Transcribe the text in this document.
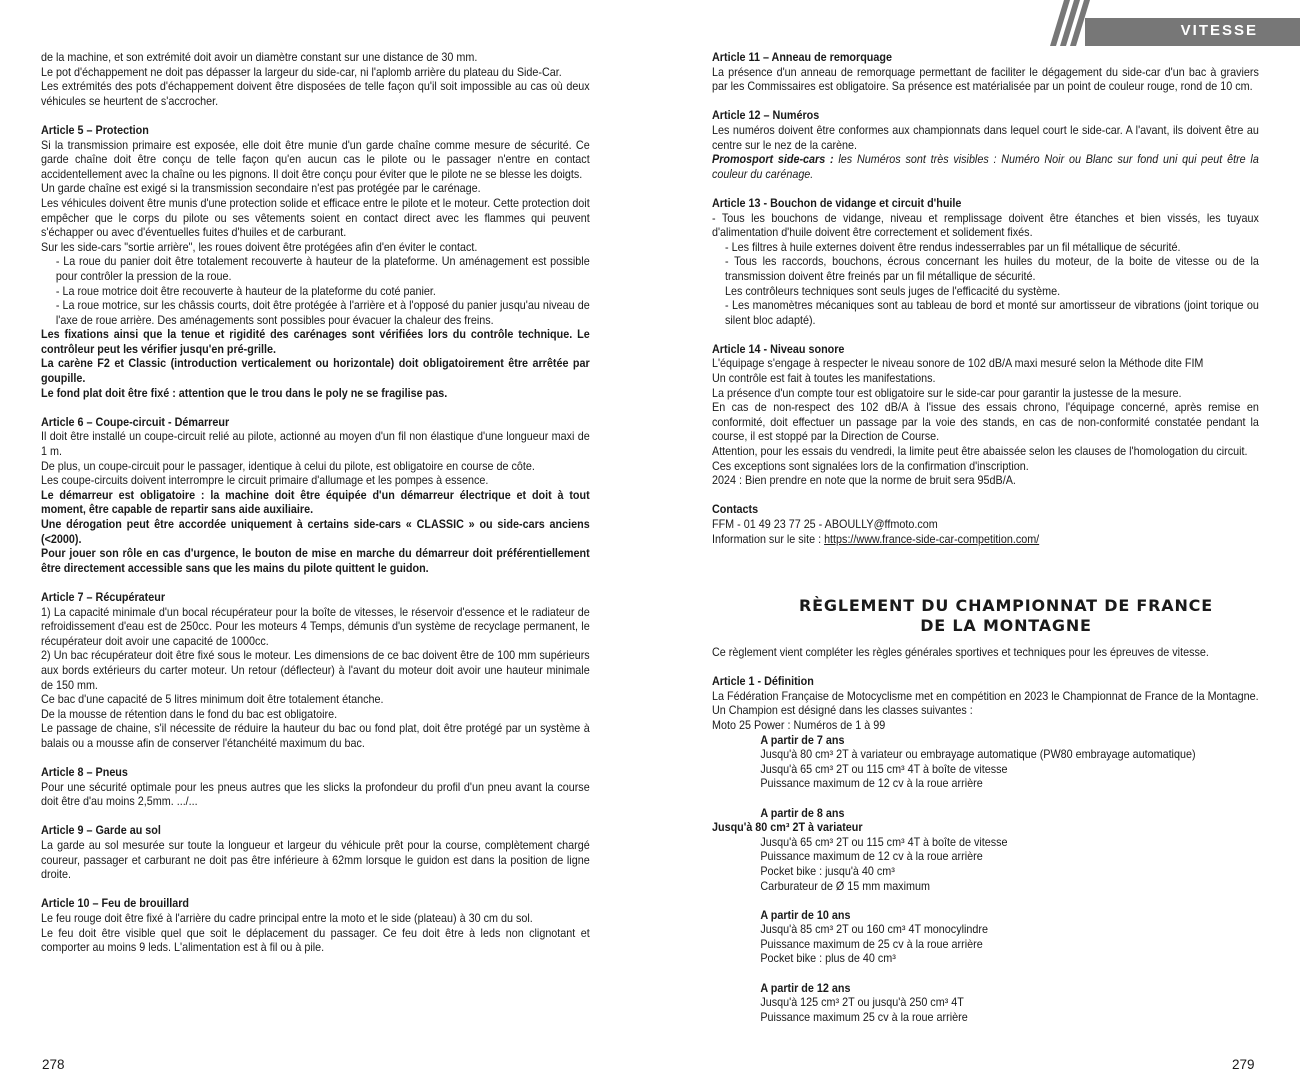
de la machine, et son extrémité doit avoir un diamètre constant sur une distance de 30 mm.

Le pot d'échappement ne doit pas dépasser la largeur du side-car, ni l'aplomb arrière du plateau du Side-Car.

Les extrémités des pots d'échappement doivent être disposées de telle façon qu'il soit impossible au cas où deux véhicules se heurtent de s'accrocher.

Article 5 – Protection

Si la transmission primaire est exposée, elle doit être munie d'un garde chaîne comme mesure de sécurité. Ce garde chaîne doit être conçu de telle façon qu'en aucun cas le pilote ou le passager n'entre en contact accidentellement avec la chaîne ou les pignons. Il doit être conçu pour éviter que le pilote ne se blesse les doigts.

Un garde chaîne est exigé si la transmission secondaire n'est pas protégée par le carénage.

Les véhicules doivent être munis d'une protection solide et efficace entre le pilote et le moteur. Cette protection doit empêcher que le corps du pilote ou ses vêtements soient en contact direct avec les flammes qui peuvent s'échapper ou avec d'éventuelles fuites d'huiles et de carburant.

Sur les side-cars "sortie arrière", les roues doivent être protégées afin d'en éviter le contact.

- La roue du panier doit être totalement recouverte à hauteur de la plateforme. Un aménagement est possible pour contrôler la pression de la roue.

- La roue motrice doit être recouverte à hauteur de la plateforme du coté panier.

- La roue motrice, sur les châssis courts, doit être protégée à l'arrière et à l'opposé du panier jusqu'au niveau de l'axe de roue arrière. Des aménagements sont possibles pour évacuer la chaleur des freins.

Les fixations ainsi que la tenue et rigidité des carénages sont vérifiées lors du contrôle technique. Le contrôleur peut les vérifier jusqu'en pré-grille.

La carène F2 et Classic (introduction verticalement ou horizontale) doit obligatoirement être arrêtée par goupille.

Le fond plat doit être fixé : attention que le trou dans le poly ne se fragilise pas.

Article 6 – Coupe-circuit - Démarreur

Il doit être installé un coupe-circuit relié au pilote, actionné au moyen d'un fil non élastique d'une longueur maxi de 1 m.

De plus, un coupe-circuit pour le passager, identique à celui du pilote, est obligatoire en course de côte.

Les coupe-circuits doivent interrompre le circuit primaire d'allumage et les pompes à essence.

Le démarreur est obligatoire : la machine doit être équipée d'un démarreur électrique et doit à tout moment, être capable de repartir sans aide auxiliaire.

Une dérogation peut être accordée uniquement à certains side-cars « CLASSIC » ou side-cars anciens (<2000).

Pour jouer son rôle en cas d'urgence, le bouton de mise en marche du démarreur doit préférentiellement être directement accessible sans que les mains du pilote quittent le guidon.

Article 7 – Récupérateur

1) La capacité minimale d'un bocal récupérateur pour la boîte de vitesses, le réservoir d'essence et le radiateur de refroidissement d'eau est de 250cc. Pour les moteurs 4 Temps, démunis d'un système de recyclage permanent, le récupérateur doit avoir une capacité de 1000cc.

2) Un bac récupérateur doit être fixé sous le moteur. Les dimensions de ce bac doivent être de 100 mm supérieurs aux bords extérieurs du carter moteur. Un retour (déflecteur) à l'avant du moteur doit avoir une hauteur minimale de 150 mm.

Ce bac d'une capacité de 5 litres minimum doit être totalement étanche.

De la mousse de rétention dans le fond du bac est obligatoire.

Le passage de chaine, s'il nécessite de réduire la hauteur du bac ou fond plat, doit être protégé par un système à balais ou a mousse afin de conserver l'étanchéité maximum du bac.

Article 8 – Pneus

Pour une sécurité optimale pour les pneus autres que les slicks la profondeur du profil d'un pneu avant la course doit être d'au moins 2,5mm. .../...

Article 9 – Garde au sol

La garde au sol mesurée sur toute la longueur et largeur du véhicule prêt pour la course, complètement chargé coureur, passager et carburant ne doit pas être inférieure à 62mm lorsque le guidon est dans la position de ligne droite.

Article 10 – Feu de brouillard

Le feu rouge doit être fixé à l'arrière du cadre principal entre la moto et le side (plateau) à 30 cm du sol.

Le feu doit être visible quel que soit le déplacement du passager. Ce feu doit être à leds non clignotant et comporter au moins 9 leds. L'alimentation est à fil ou à pile.

278
VITESSE

Article 11 – Anneau de remorquage

La présence d'un anneau de remorquage permettant de faciliter le dégagement du side-car d'un bac à graviers par les Commissaires est obligatoire. Sa présence est matérialisée par un point de couleur rouge, rond de 10 cm.

Article 12 – Numéros

Les numéros doivent être conformes aux championnats dans lequel court le side-car. A l'avant, ils doivent être au centre sur le nez de la carène.

Promosport side-cars : les Numéros sont très visibles : Numéro Noir ou Blanc sur fond uni qui peut être la couleur du carénage.

Article 13 - Bouchon de vidange et circuit d'huile

- Tous les bouchons de vidange, niveau et remplissage doivent être étanches et bien vissés, les tuyaux d'alimentation d'huile doivent être correctement et solidement fixés.

- Les filtres à huile externes doivent être rendus indesserrables par un fil métallique de sécurité.

- Tous les raccords, bouchons, écrous concernant les huiles du moteur, de la boite de vitesse ou de la transmission doivent être freinés par un fil métallique de sécurité.

Les contrôleurs techniques sont seuls juges de l'efficacité du système.

- Les manomètres mécaniques sont au tableau de bord et monté sur amortisseur de vibrations (joint torique ou silent bloc adapté).

Article 14 - Niveau sonore

L'équipage s'engage à respecter le niveau sonore de 102 dB/A maxi mesuré selon la Méthode dite FIM

Un contrôle est fait à toutes les manifestations.

La présence d'un compte tour est obligatoire sur le side-car pour garantir la justesse de la mesure.

En cas de non-respect des 102 dB/A à l'issue des essais chrono, l'équipage concerné, après remise en conformité, doit effectuer un passage par la voie des stands, en cas de non-conformité constatée pendant la course, il est stoppé par la Direction de Course.

Attention, pour les essais du vendredi, la limite peut être abaissée selon les clauses de l'homologation du circuit.

Ces exceptions sont signalées lors de la confirmation d'inscription.

2024 : Bien prendre en note que la norme de bruit sera 95dB/A.

Contacts

FFM - 01 49 23 77 25 - ABOULLY@ffmoto.com

Information sur le site : https://www.france-side-car-competition.com/

RÈGLEMENT DU CHAMPIONNAT DE FRANCE
DE LA MONTAGNE

Ce règlement vient compléter les règles générales sportives et techniques pour les épreuves de vitesse.

Article 1 - Définition

La Fédération Française de Motocyclisme met en compétition en 2023 le Championnat de France de la Montagne.

Un Champion est désigné dans les classes suivantes :

Moto 25 Power : Numéros de 1 à 99

A partir de 7 ans

Jusqu'à 80 cm³ 2T à variateur ou embrayage automatique (PW80 embrayage automatique)

Jusqu'à 65 cm³ 2T ou 115 cm³ 4T à boîte de vitesse

Puissance maximum de 12 cv à la roue arrière

A partir de 8 ans

Jusqu'à 80 cm³ 2T à variateur

Jusqu'à 65 cm³ 2T ou 115 cm³ 4T à boîte de vitesse

Puissance maximum de 12 cv à la roue arrière

Pocket bike : jusqu'à 40 cm³

Carburateur de Ø 15 mm maximum

A partir de 10 ans

Jusqu'à 85 cm³ 2T ou 160 cm³ 4T monocylindre

Puissance maximum de 25 cv à la roue arrière

Pocket bike : plus de 40 cm³

A partir de 12 ans

Jusqu'à 125 cm³ 2T ou jusqu'à 250 cm³ 4T

Puissance maximum 25 cv à la roue arrière

279
